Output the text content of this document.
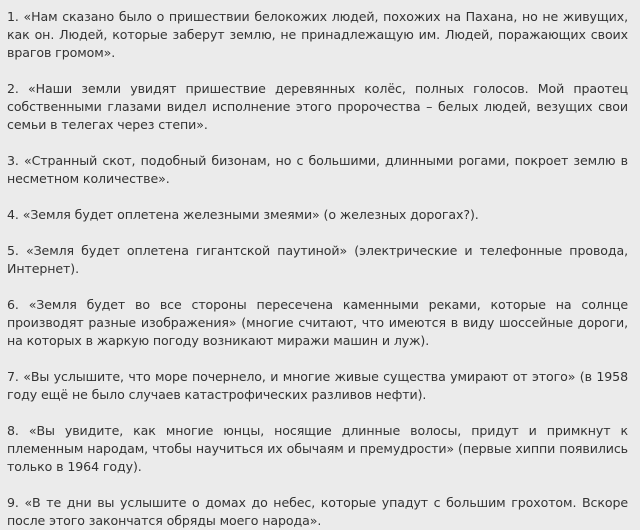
1. «Нам сказано было о пришествии белокожих людей, похожих на Пахана, но не живущих, как он. Людей, которые заберут землю, не принадлежащую им. Людей, поражающих своих врагов громом».

2. «Наши земли увидят пришествие деревянных колёс, полных голосов. Мой праотец собственными глазами видел исполнение этого пророчества – белых людей, везущих свои семьи в телегах через степи».

3. «Странный скот, подобный бизонам, но с большими, длинными рогами, покроет землю в несметном количестве».

4. «Земля будет оплетена железными змеями» (о железных дорогах?).

5. «Земля будет оплетена гигантской паутиной» (электрические и телефонные провода, Интернет).

6. «Земля будет во все стороны пересечена каменными реками, которые на солнце производят разные изображения» (многие считают, что имеются в виду шоссейные дороги, на которых в жаркую погоду возникают миражи машин и луж).

7. «Вы услышите, что море почернело, и многие живые существа умирают от этого» (в 1958 году ещё не было случаев катастрофических разливов нефти).

8. «Вы увидите, как многие юнцы, носящие длинные волосы, придут и примкнут к племенным народам, чтобы научиться их обычаям и премудрости» (первые хиппи появились только в 1964 году).

9. «В те дни вы услышите о домах до небес, которые упадут с большим грохотом. Вскоре после этого закончатся обряды моего народа».
